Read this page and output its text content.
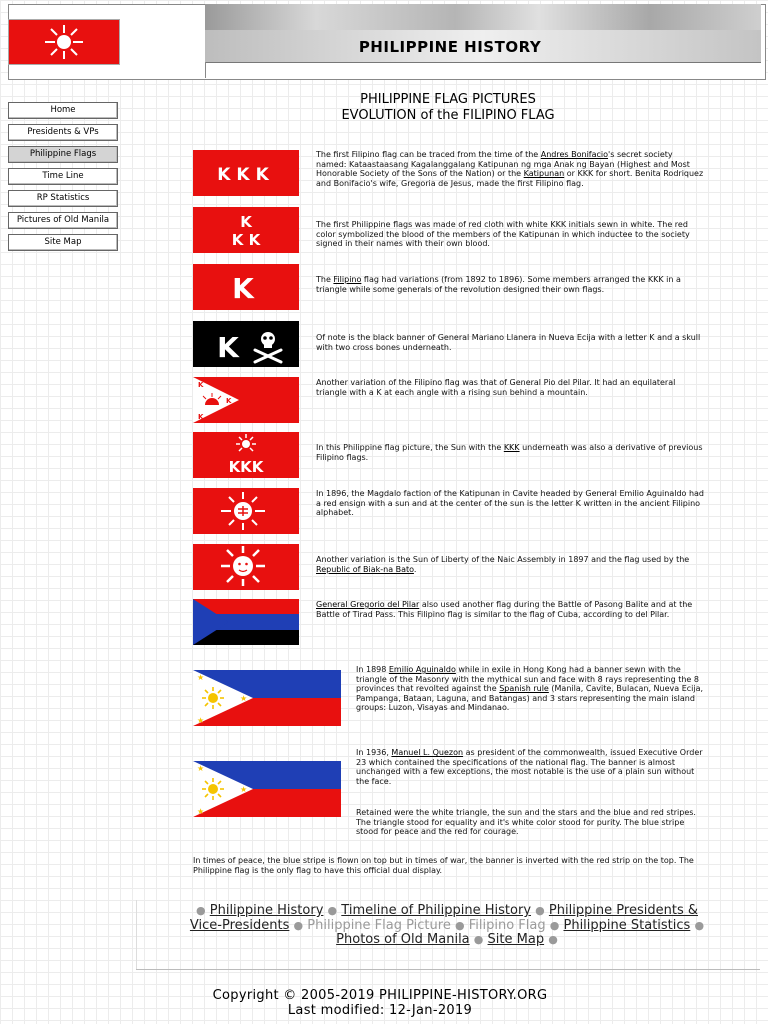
PHILIPPINE HISTORY
Home
Presidents & VPs
Philippine Flags
Time Line
RP Statistics
Pictures of Old Manila
Site Map
PHILIPPINE FLAG PICTURES
EVOLUTION of the FILIPINO FLAG
KKK
The first Filipino flag can be traced from the time of the Andres Bonifacio's secret society named: Kataastaasang Kagalanggalang Katipunan ng mga Anak ng Bayan (Highest and Most Honorable Society of the Sons of the Nation) or the Katipunan or KKK for short. Benita Rodriquez and Bonifacio's wife, Gregoria de Jesus, made the first Filipino flag.
K
K K
The first Philippine flags was made of red cloth with white KKK initials sewn in white. The red color symbolized the blood of the members of the Katipunan in which inductee to the society signed in their names with their own blood.
K	The Filipino flag had variations (from 1892 to 1896). Some members arranged the KKK in a triangle while some generals of the revolution designed their own flags.
K	Of note is the black banner of General Mariano Llanera in Nueva Ecija with a letter K and a skull with two cross bones underneath.
K
K
K
Another variation of the Filipino flag was that of General Pio del Pilar. It had an equilateral triangle with a K at each angle with a rising sun behind a mountain.
KKK
In this Philippine flag picture, the Sun with the KKK underneath was also a derivative of previous Filipino flags.
In 1896, the Magdalo faction of the Katipunan in Cavite headed by General Emilio Aguinaldo had a red ensign with a sun and at the center of the sun is the letter K written in the ancient Filipino alphabet.
Another variation is the Sun of Liberty of the Naic Assembly in 1897 and the flag used by the Republic of Biak-na Bato.
General Gregorio del Pilar also used another flag during the Battle of Pasong Balite and at the Battle of Tirad Pass. This Filipino flag is similar to the flag of Cuba, according to del Pilar.
★
★
★
In 1898 Emilio Aguinaldo while in exile in Hong Kong had a banner sewn with the triangle of the Masonry with the mythical sun and face with 8 rays representing the 8 provinces that revolted against the Spanish rule (Manila, Cavite, Bulacan, Nueva Ecija, Pampanga, Bataan, Laguna, and Batangas) and 3 stars representing the main island groups: Luzon, Visayas and Mindanao.
★
★
★
In 1936, Manuel L. Quezon as president of the commonwealth, issued Executive Order 23 which contained the specifications of the national flag. The banner is almost unchanged with a few exceptions, the most notable is the use of a plain sun without the face.
Retained were the white triangle, the sun and the stars and the blue and red stripes. The triangle stood for equality and it's white color stood for purity. The blue stripe stood for peace and the red for courage.
In times of peace, the blue stripe is flown on top but in times of war, the banner is inverted with the red strip on the top. The Philippine flag is the only flag to have this official dual display.
● Philippine History ● Timeline of Philippine History ● Philippine Presidents &
Vice-Presidents ● Philippine Flag Picture ● Filipino Flag ● Philippine Statistics ●
Photos of Old Manila ● Site Map ●
Copyright © 2005-2019 PHILIPPINE-HISTORY.ORG
Last modified: 12-Jan-2019
